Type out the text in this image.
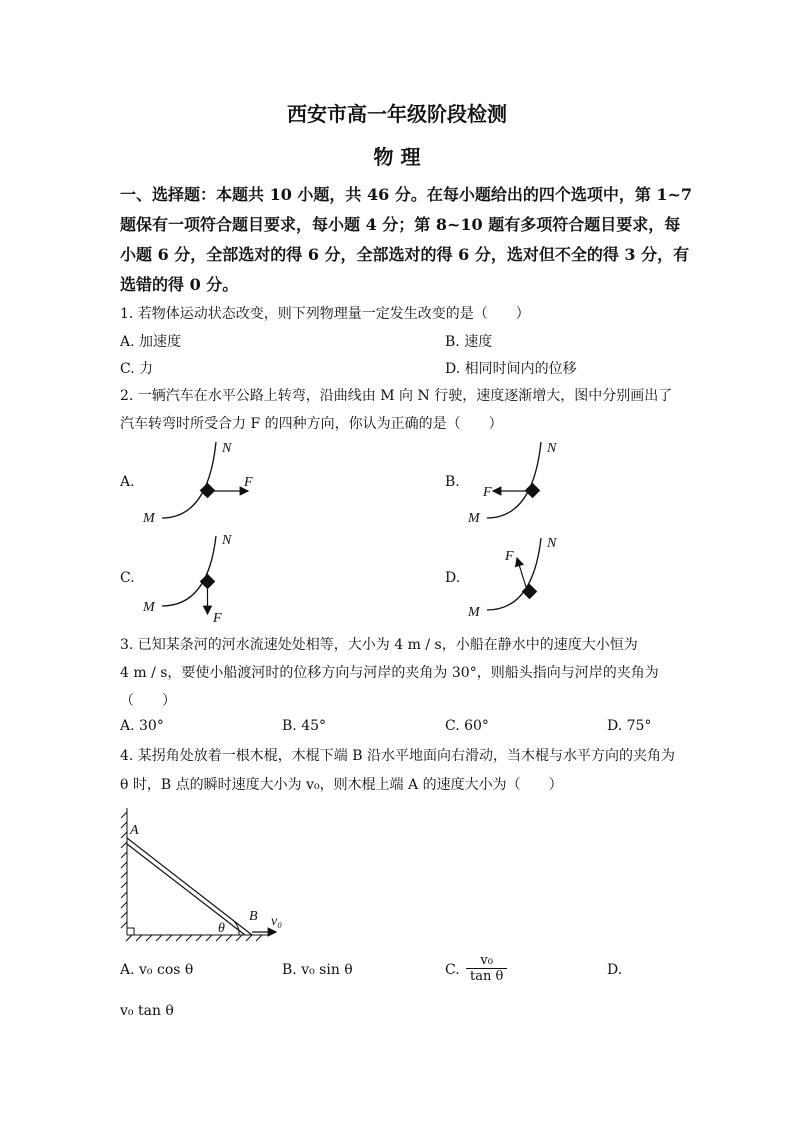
西安市高一年级阶段检测
物 理
一、选择题：本题共 10 小题，共 46 分。在每小题给出的四个选项中，第 1~7
题保有一项符合题目要求，每小题 4 分；第 8~10 题有多项符合题目要求，每
小题 6 分，全部选对的得 6 分，全部选对的得 6 分，选对但不全的得 3 分，有
选错的得 0 分。
1. 若物体运动状态改变，则下列物理量一定发生改变的是（　　）
A. 加速度	B. 速度
C. 力	D. 相同时间内的位移
2. 一辆汽车在水平公路上转弯，沿曲线由 M 向 N 行驶，速度逐渐增大，图中分别画出了
汽车转弯时所受合力 F 的四种方向，你认为正确的是（　　）
A.	B.
C.	D.
M
N
F
M
N
F
M
N
F	M
N
F
3. 已知某条河的河水流速处处相等，大小为 4 m / s，小船在静水中的速度大小恒为
4 m / s，要使小船渡河时的位移方向与河岸的夹角为 30°，则船头指向与河岸的夹角为
（　　）
A. 30°	B. 45°	C. 60°	D. 75°
4. 某拐角处放着一根木棍，木棍下端 B 沿水平地面向右滑动，当木棍与水平方向的夹角为
θ 时，B 点的瞬时速度大小为 v₀，则木棍上端 A 的速度大小为（　　）
A
B
θ	v₀
A. v₀ cos θ	B. v₀ sin θ	C. $\frac{\text{v₀}}{\text{tan θ}}$	D.
v₀ tan θ
